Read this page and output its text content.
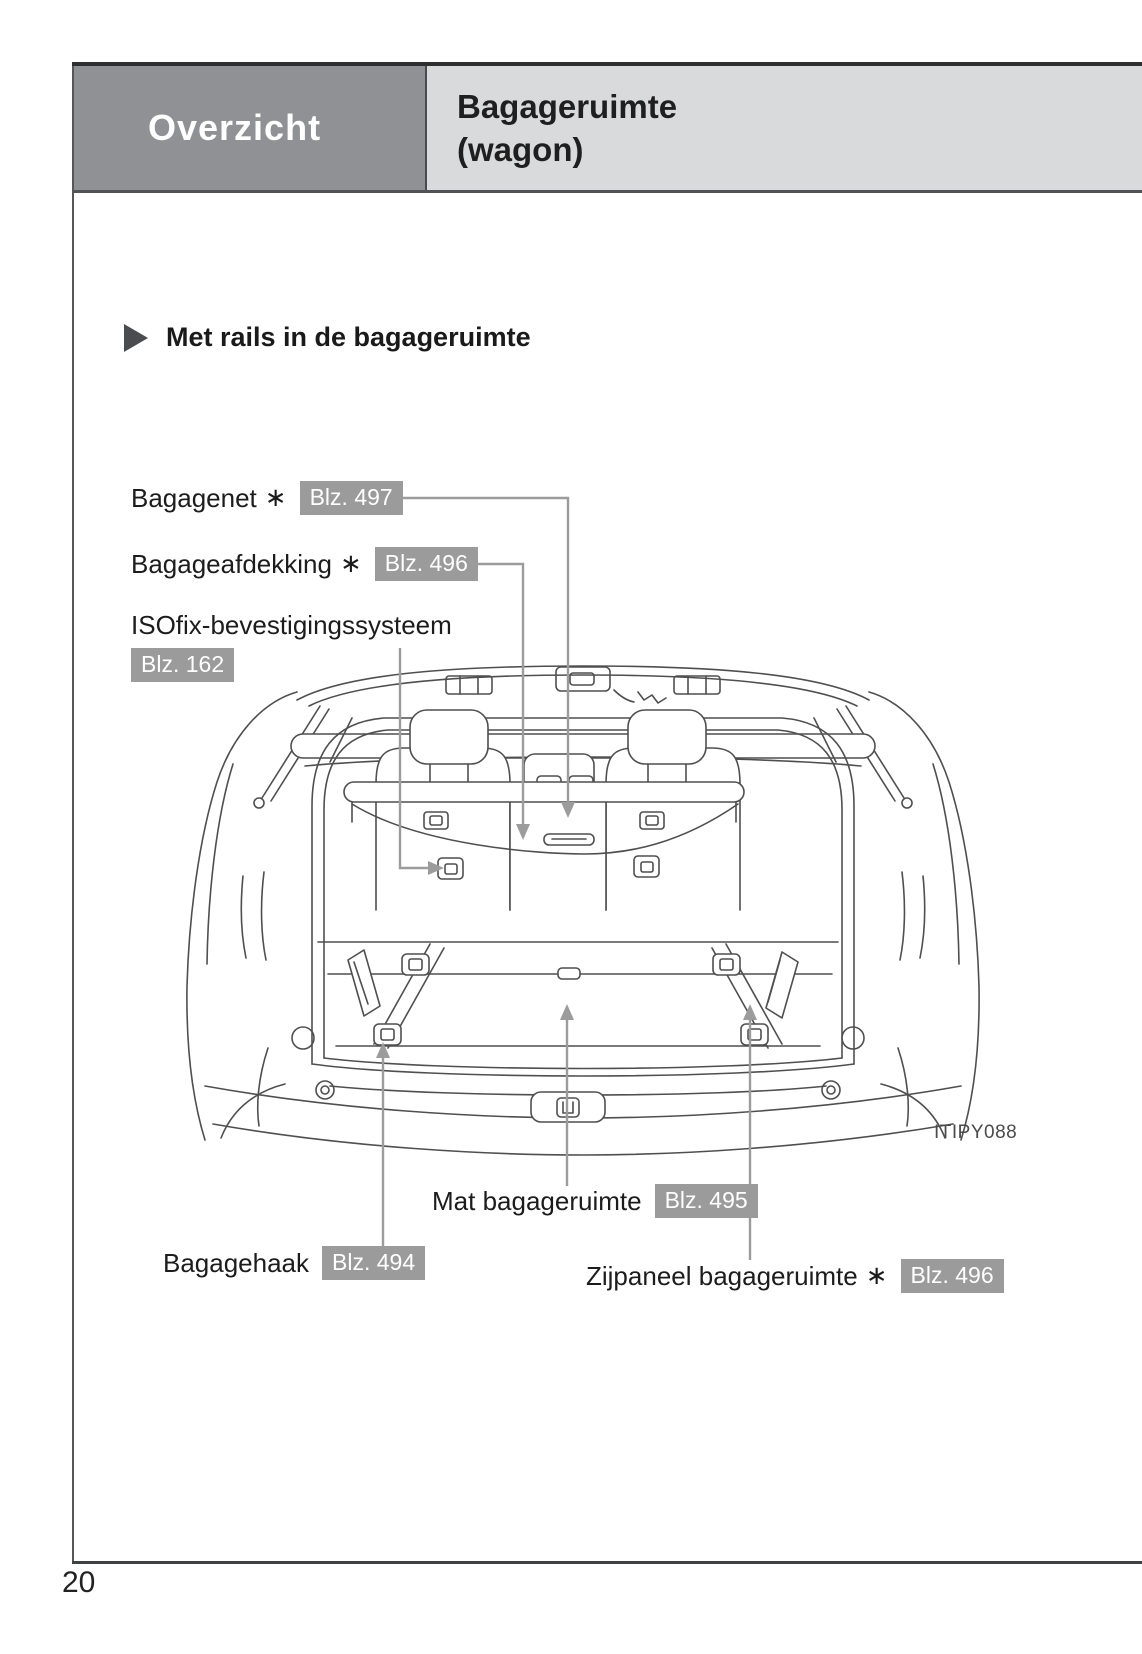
Overzicht
Bagageruimte
(wagon)
20
Met rails in de bagageruimte
Bagagenet ∗	Blz. 497
Bagageafdekking ∗	Blz. 496
ISOfix-bevestigingssysteem
Blz. 162
Mat bagageruimte	Blz. 495
Bagagehaak	Blz. 494	Zijpaneel bagageruimte ∗	Blz. 496
ITIPY088
